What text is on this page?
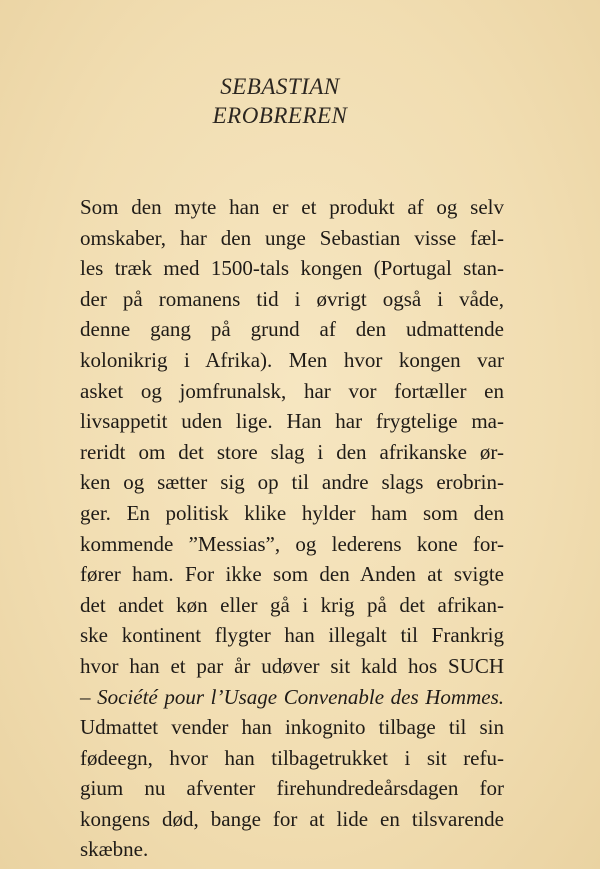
SEBASTIAN
EROBREREN
Som den myte han er et produkt af og selv
omskaber, har den unge Sebastian visse fæl-
les træk med 1500-tals kongen (Portugal stan-
der på romanens tid i øvrigt også i våde,
denne gang på grund af den udmattende
kolonikrig i Afrika). Men hvor kongen var
asket og jomfrunalsk, har vor fortæller en
livsappetit uden lige. Han har frygtelige ma-
reridt om det store slag i den afrikanske ør-
ken og sætter sig op til andre slags erobrin-
ger. En politisk klike hylder ham som den
kommende ”Messias”, og lederens kone for-
fører ham. For ikke som den Anden at svigte
det andet køn eller gå i krig på det afrikan-
ske kontinent flygter han illegalt til Frankrig
hvor han et par år udøver sit kald hos SUCH
– Société pour l’Usage Convenable des Hommes.
Udmattet vender han inkognito tilbage til sin
fødeegn, hvor han tilbagetrukket i sit refu-
gium nu afventer firehundredeårsdagen for
kongens død, bange for at lide en tilsvarende
skæbne.
